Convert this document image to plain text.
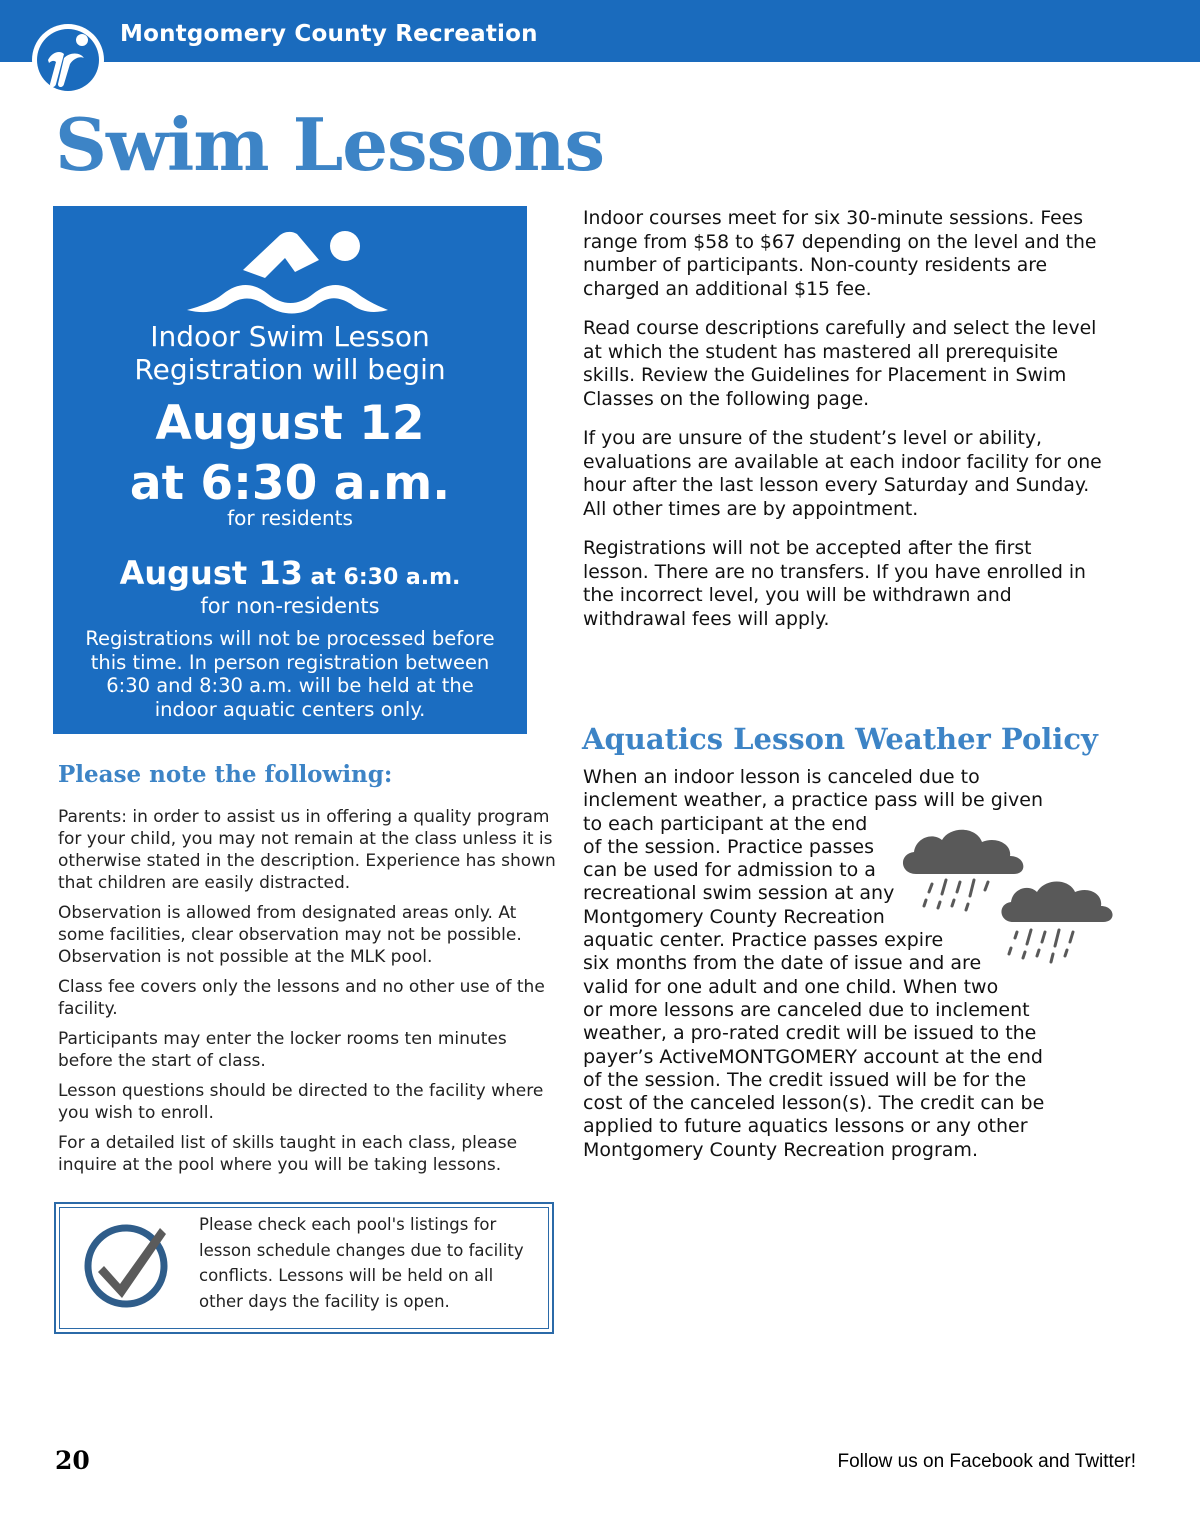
Montgomery County Recreation
Swim Lessons
Indoor Swim Lesson
Registration will begin
August 12
at 6:30 a.m.
for residents
August 13 at 6:30 a.m.
for non-residents
Registrations will not be processed before this time. In person registration between 6:30 and 8:30 a.m. will be held at the indoor aquatic centers only.
Please note the following:
Parents: in order to assist us in offering a quality program for your child, you may not remain at the class unless it is otherwise stated in the description. Experience has shown that children are easily distracted.
Observation is allowed from designated areas only. At some facilities, clear observation may not be possible. Observation is not possible at the MLK pool.
Class fee covers only the lessons and no other use of the facility.
Participants may enter the locker rooms ten minutes before the start of class.
Lesson questions should be directed to the facility where you wish to enroll.
For a detailed list of skills taught in each class, please inquire at the pool where you will be taking lessons.
Please check each pool's listings for lesson schedule changes due to facility conflicts. Lessons will be held on all other days the facility is open.

Indoor courses meet for six 30-minute sessions. Fees range from $58 to $67 depending on the level and the number of participants. Non-county residents are charged an additional $15 fee.

Read course descriptions carefully and select the level at which the student has mastered all prerequisite skills. Review the Guidelines for Placement in Swim Classes on the following page.

If you are unsure of the student’s level or ability, evaluations are available at each indoor facility for one hour after the last lesson every Saturday and Sunday. All other times are by appointment.

Registrations will not be accepted after the first lesson. There are no transfers. If you have enrolled in the incorrect level, you will be withdrawn and withdrawal fees will apply.

Aquatics Lesson Weather Policy
When an indoor lesson is canceled due to
inclement weather, a practice pass will be given
to each participant at the end
of the session. Practice passes
can be used for admission to a
recreational swim session at any
Montgomery County Recreation
aquatic center. Practice passes expire
six months from the date of issue and are
valid for one adult and one child. When two
or more lessons are canceled due to inclement
weather, a pro-rated credit will be issued to the
payer’s ActiveMONTGOMERY account at the end
of the session. The credit issued will be for the
cost of the canceled lesson(s). The credit can be
applied to future aquatics lessons or any other
Montgomery County Recreation program.
20	Follow us on Facebook and Twitter!
